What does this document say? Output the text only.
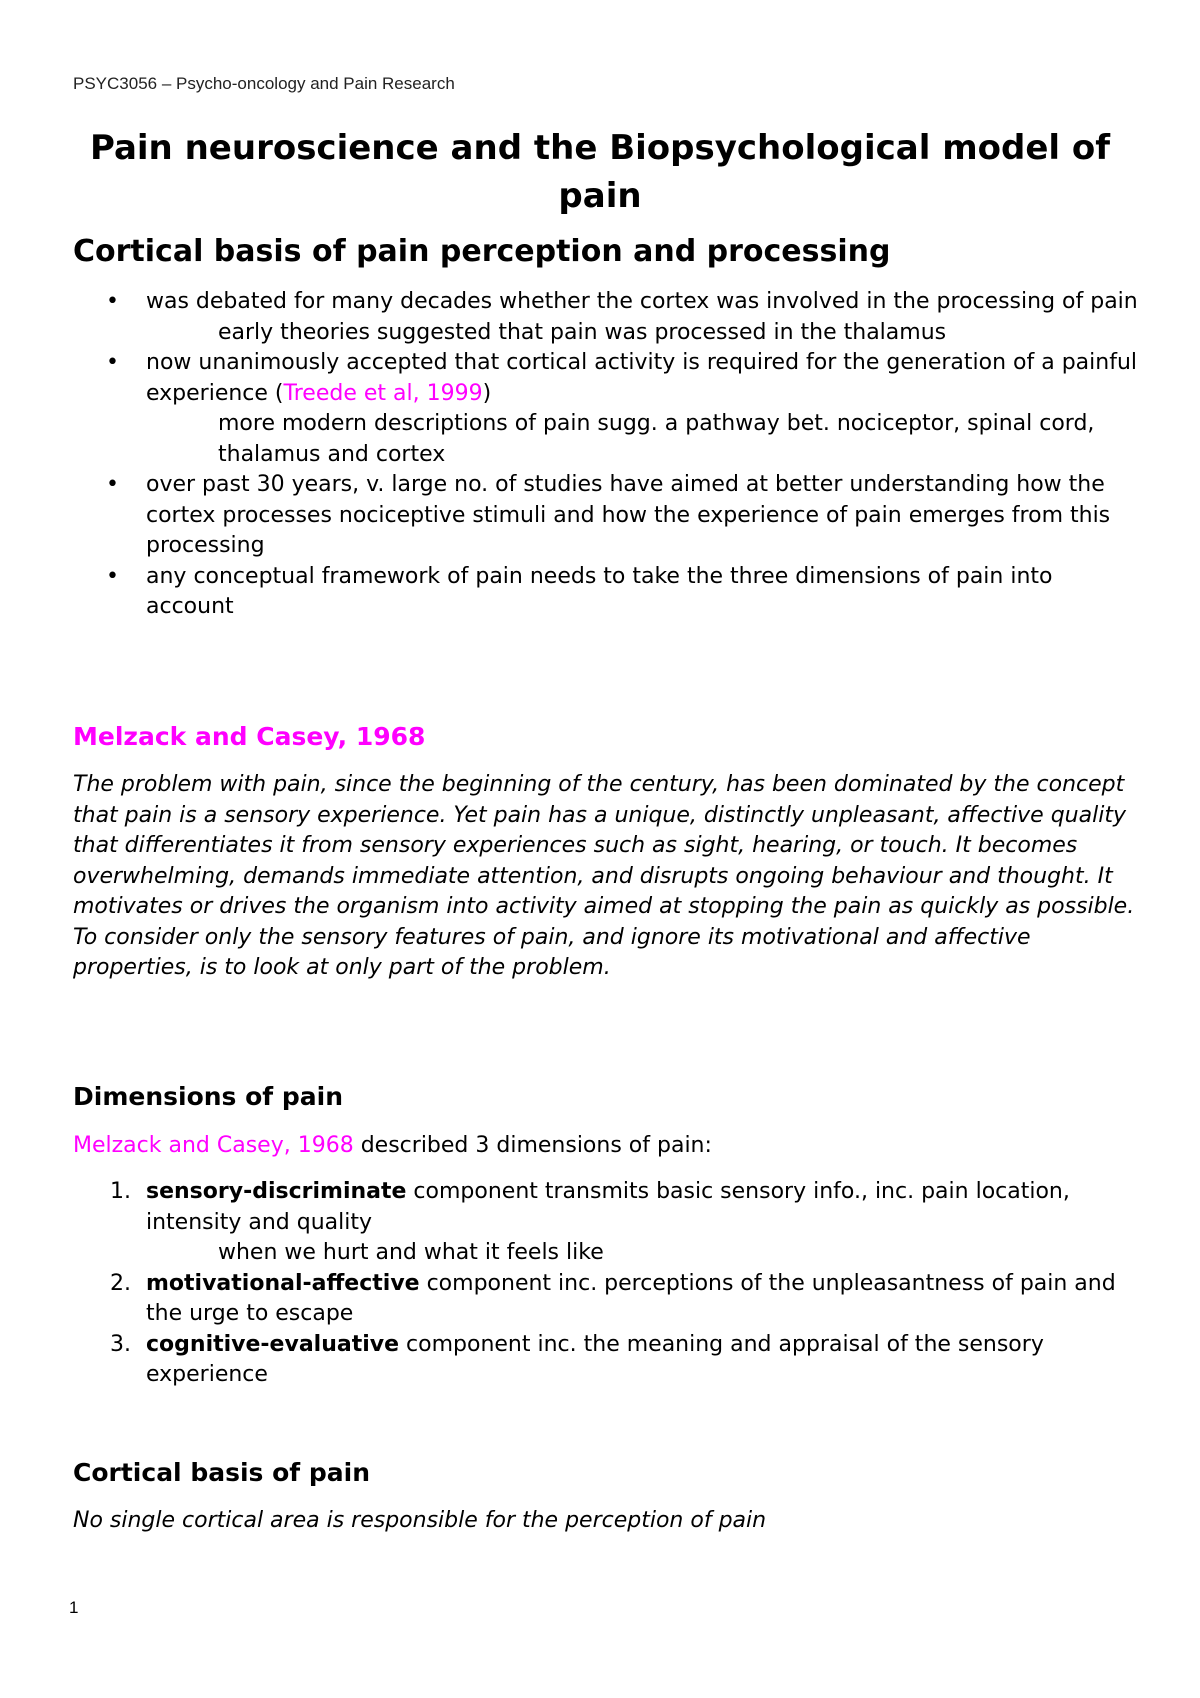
PSYC3056 – Psycho-oncology and Pain Research
Pain neuroscience and the Biopsychological model of pain
Cortical basis of pain perception and processing
• was debated for many decades whether the cortex was involved in the processing of pain
early theories suggested that pain was processed in the thalamus
• now unanimously accepted that cortical activity is required for the generation of a painful experience (Treede et al, 1999)
more modern descriptions of pain sugg. a pathway bet. nociceptor, spinal cord, thalamus and cortex
• over past 30 years, v. large no. of studies have aimed at better understanding how the cortex processes nociceptive stimuli and how the experience of pain emerges from this processing
• any conceptual framework of pain needs to take the three dimensions of pain into account
Melzack and Casey, 1968

The problem with pain, since the beginning of the century, has been dominated by the concept that pain is a sensory experience. Yet pain has a unique, distinctly unpleasant, affective quality that differentiates it from sensory experiences such as sight, hearing, or touch. It becomes overwhelming, demands immediate attention, and disrupts ongoing behaviour and thought. It motivates or drives the organism into activity aimed at stopping the pain as quickly as possible. To consider only the sensory features of pain, and ignore its motivational and affective properties, is to look at only part of the problem.

Dimensions of pain

Melzack and Casey, 1968 described 3 dimensions of pain:

1. sensory-discriminate component transmits basic sensory info., inc. pain location, intensity and quality
when we hurt and what it feels like
2. motivational-affective component inc. perceptions of the unpleasantness of pain and the urge to escape
3. cognitive-evaluative component inc. the meaning and appraisal of the sensory experience
Cortical basis of pain

No single cortical area is responsible for the perception of pain

1
